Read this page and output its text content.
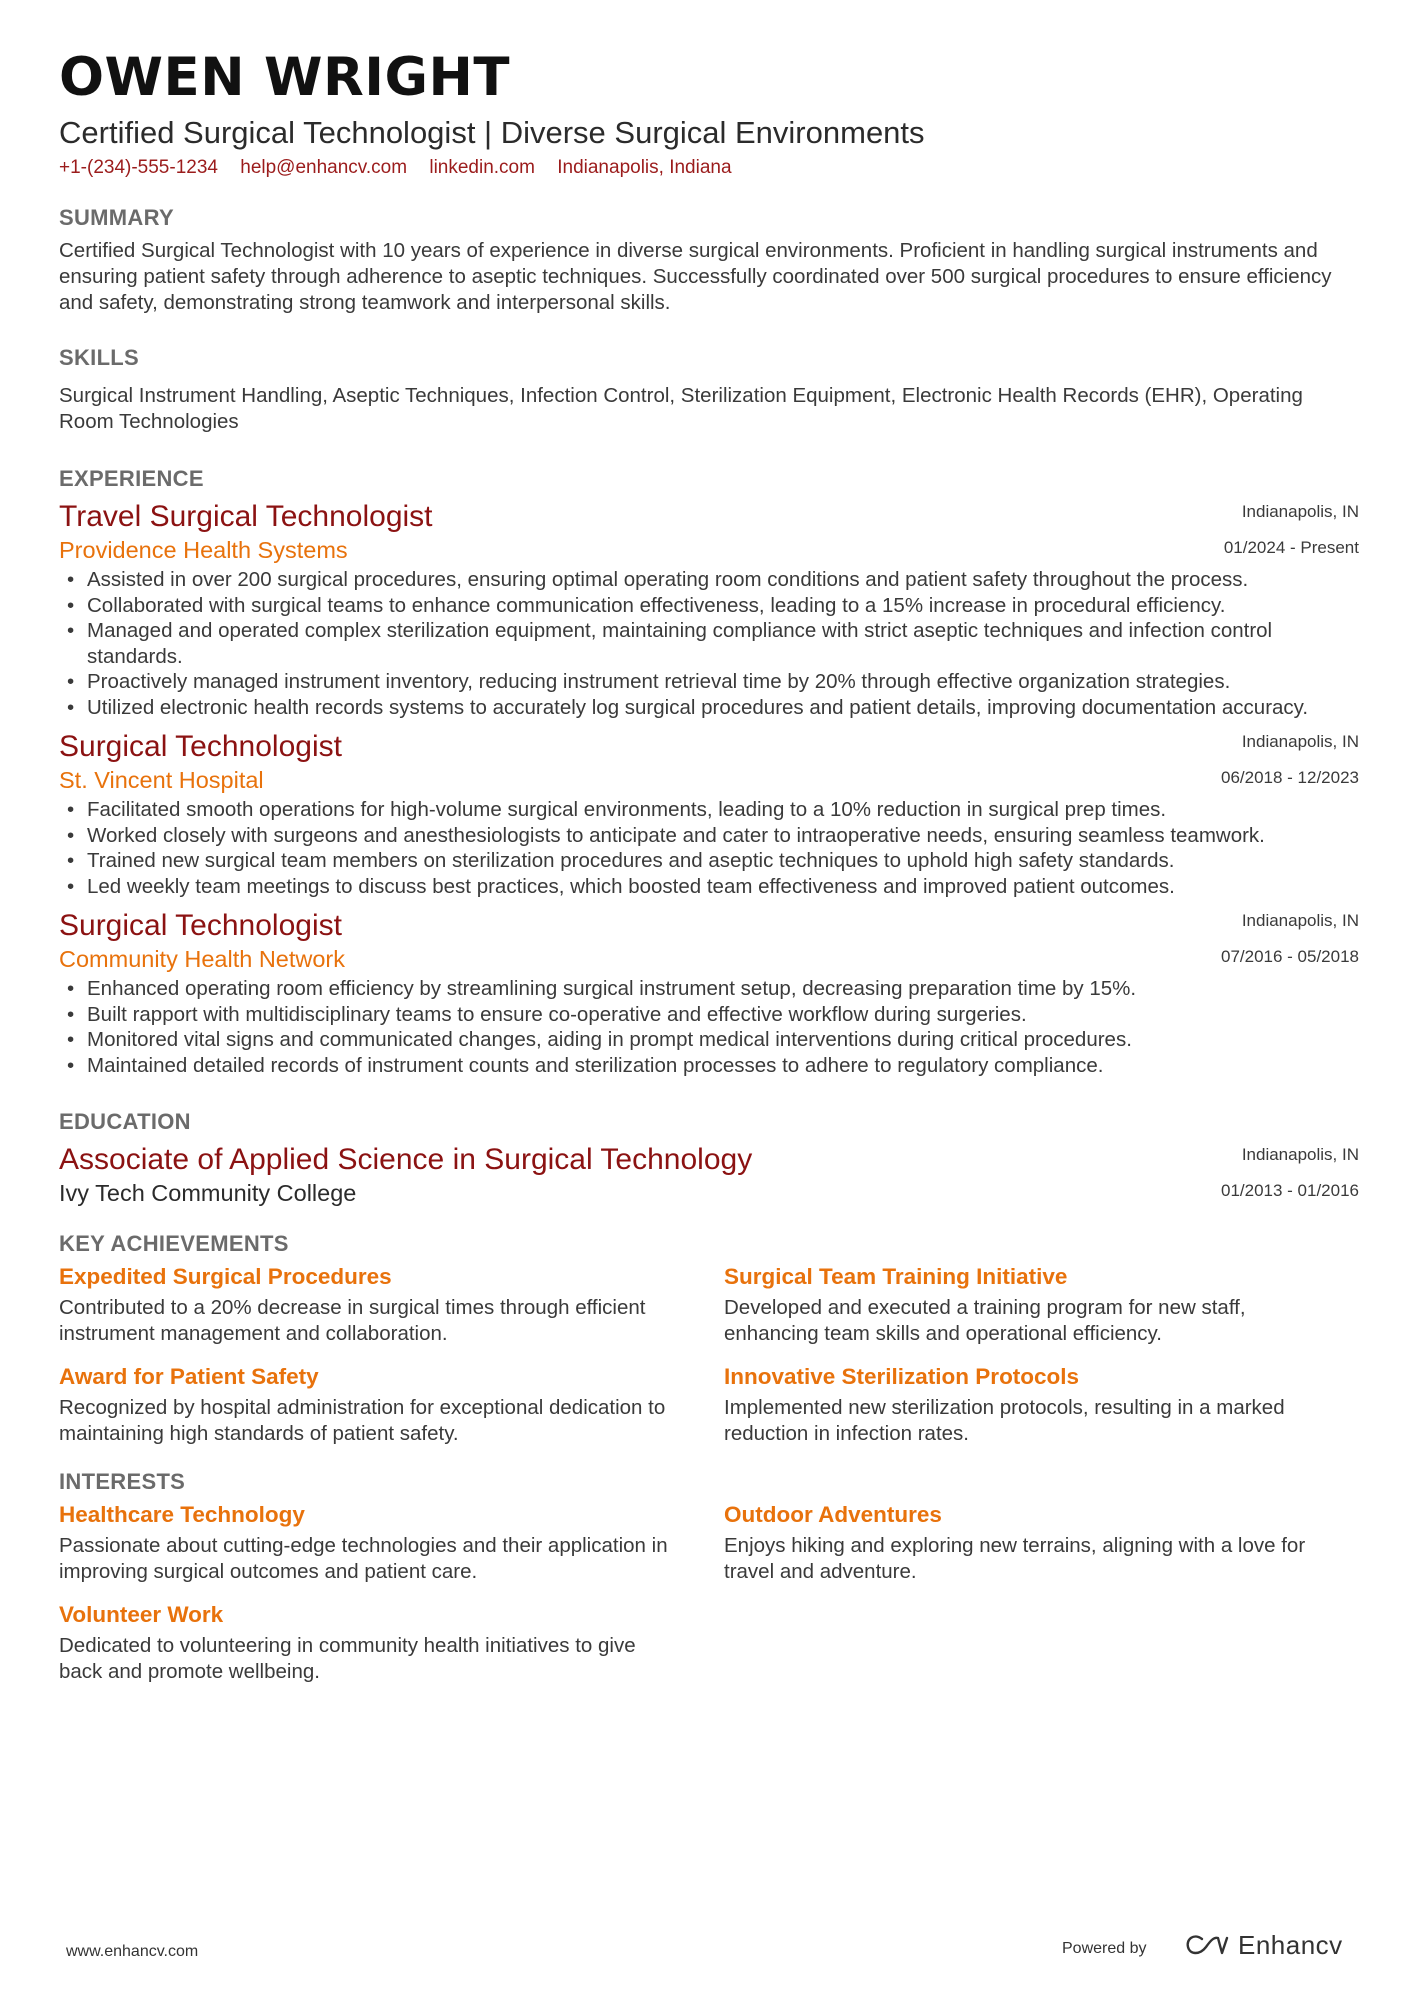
OWEN WRIGHT
Certified Surgical Technologist | Diverse Surgical Environments
+1-(234)-555-1234 help@enhancv.com linkedin.com Indianapolis, Indiana
SUMMARY
Certified Surgical Technologist with 10 years of experience in diverse surgical environments. Proficient in handling surgical instruments and ensuring patient safety through adherence to aseptic techniques. Successfully coordinated over 500 surgical procedures to ensure efficiency and safety, demonstrating strong teamwork and interpersonal skills.
SKILLS
Surgical Instrument Handling, Aseptic Techniques, Infection Control, Sterilization Equipment, Electronic Health Records (EHR), Operating Room Technologies
EXPERIENCE
Travel Surgical Technologist
Providence Health Systems
Indianapolis, IN
01/2024 - Present
• Assisted in over 200 surgical procedures, ensuring optimal operating room conditions and patient safety throughout the process.
• Collaborated with surgical teams to enhance communication effectiveness, leading to a 15% increase in procedural efficiency.
• Managed and operated complex sterilization equipment, maintaining compliance with strict aseptic techniques and infection control standards.
• Proactively managed instrument inventory, reducing instrument retrieval time by 20% through effective organization strategies.
• Utilized electronic health records systems to accurately log surgical procedures and patient details, improving documentation accuracy.
Surgical Technologist
St. Vincent Hospital
Indianapolis, IN
06/2018 - 12/2023
• Facilitated smooth operations for high-volume surgical environments, leading to a 10% reduction in surgical prep times.
• Worked closely with surgeons and anesthesiologists to anticipate and cater to intraoperative needs, ensuring seamless teamwork.
• Trained new surgical team members on sterilization procedures and aseptic techniques to uphold high safety standards.
• Led weekly team meetings to discuss best practices, which boosted team effectiveness and improved patient outcomes.
Surgical Technologist
Community Health Network
Indianapolis, IN
07/2016 - 05/2018
• Enhanced operating room efficiency by streamlining surgical instrument setup, decreasing preparation time by 15%.
• Built rapport with multidisciplinary teams to ensure co-operative and effective workflow during surgeries.
• Monitored vital signs and communicated changes, aiding in prompt medical interventions during critical procedures.
• Maintained detailed records of instrument counts and sterilization processes to adhere to regulatory compliance.
EDUCATION
Associate of Applied Science in Surgical Technology
Ivy Tech Community College
Indianapolis, IN
01/2013 - 01/2016
KEY ACHIEVEMENTS
Expedited Surgical Procedures
Contributed to a 20% decrease in surgical times through efficient instrument management and collaboration.
Surgical Team Training Initiative
Developed and executed a training program for new staff, enhancing team skills and operational efficiency.
Award for Patient Safety
Recognized by hospital administration for exceptional dedication to maintaining high standards of patient safety.
Innovative Sterilization Protocols
Implemented new sterilization protocols, resulting in a marked reduction in infection rates.
INTERESTS
Healthcare Technology
Passionate about cutting-edge technologies and their application in improving surgical outcomes and patient care.
Outdoor Adventures
Enjoys hiking and exploring new terrains, aligning with a love for travel and adventure.
Volunteer Work
Dedicated to volunteering in community health initiatives to give back and promote wellbeing.
www.enhancv.com	Powered by	Enhancv
